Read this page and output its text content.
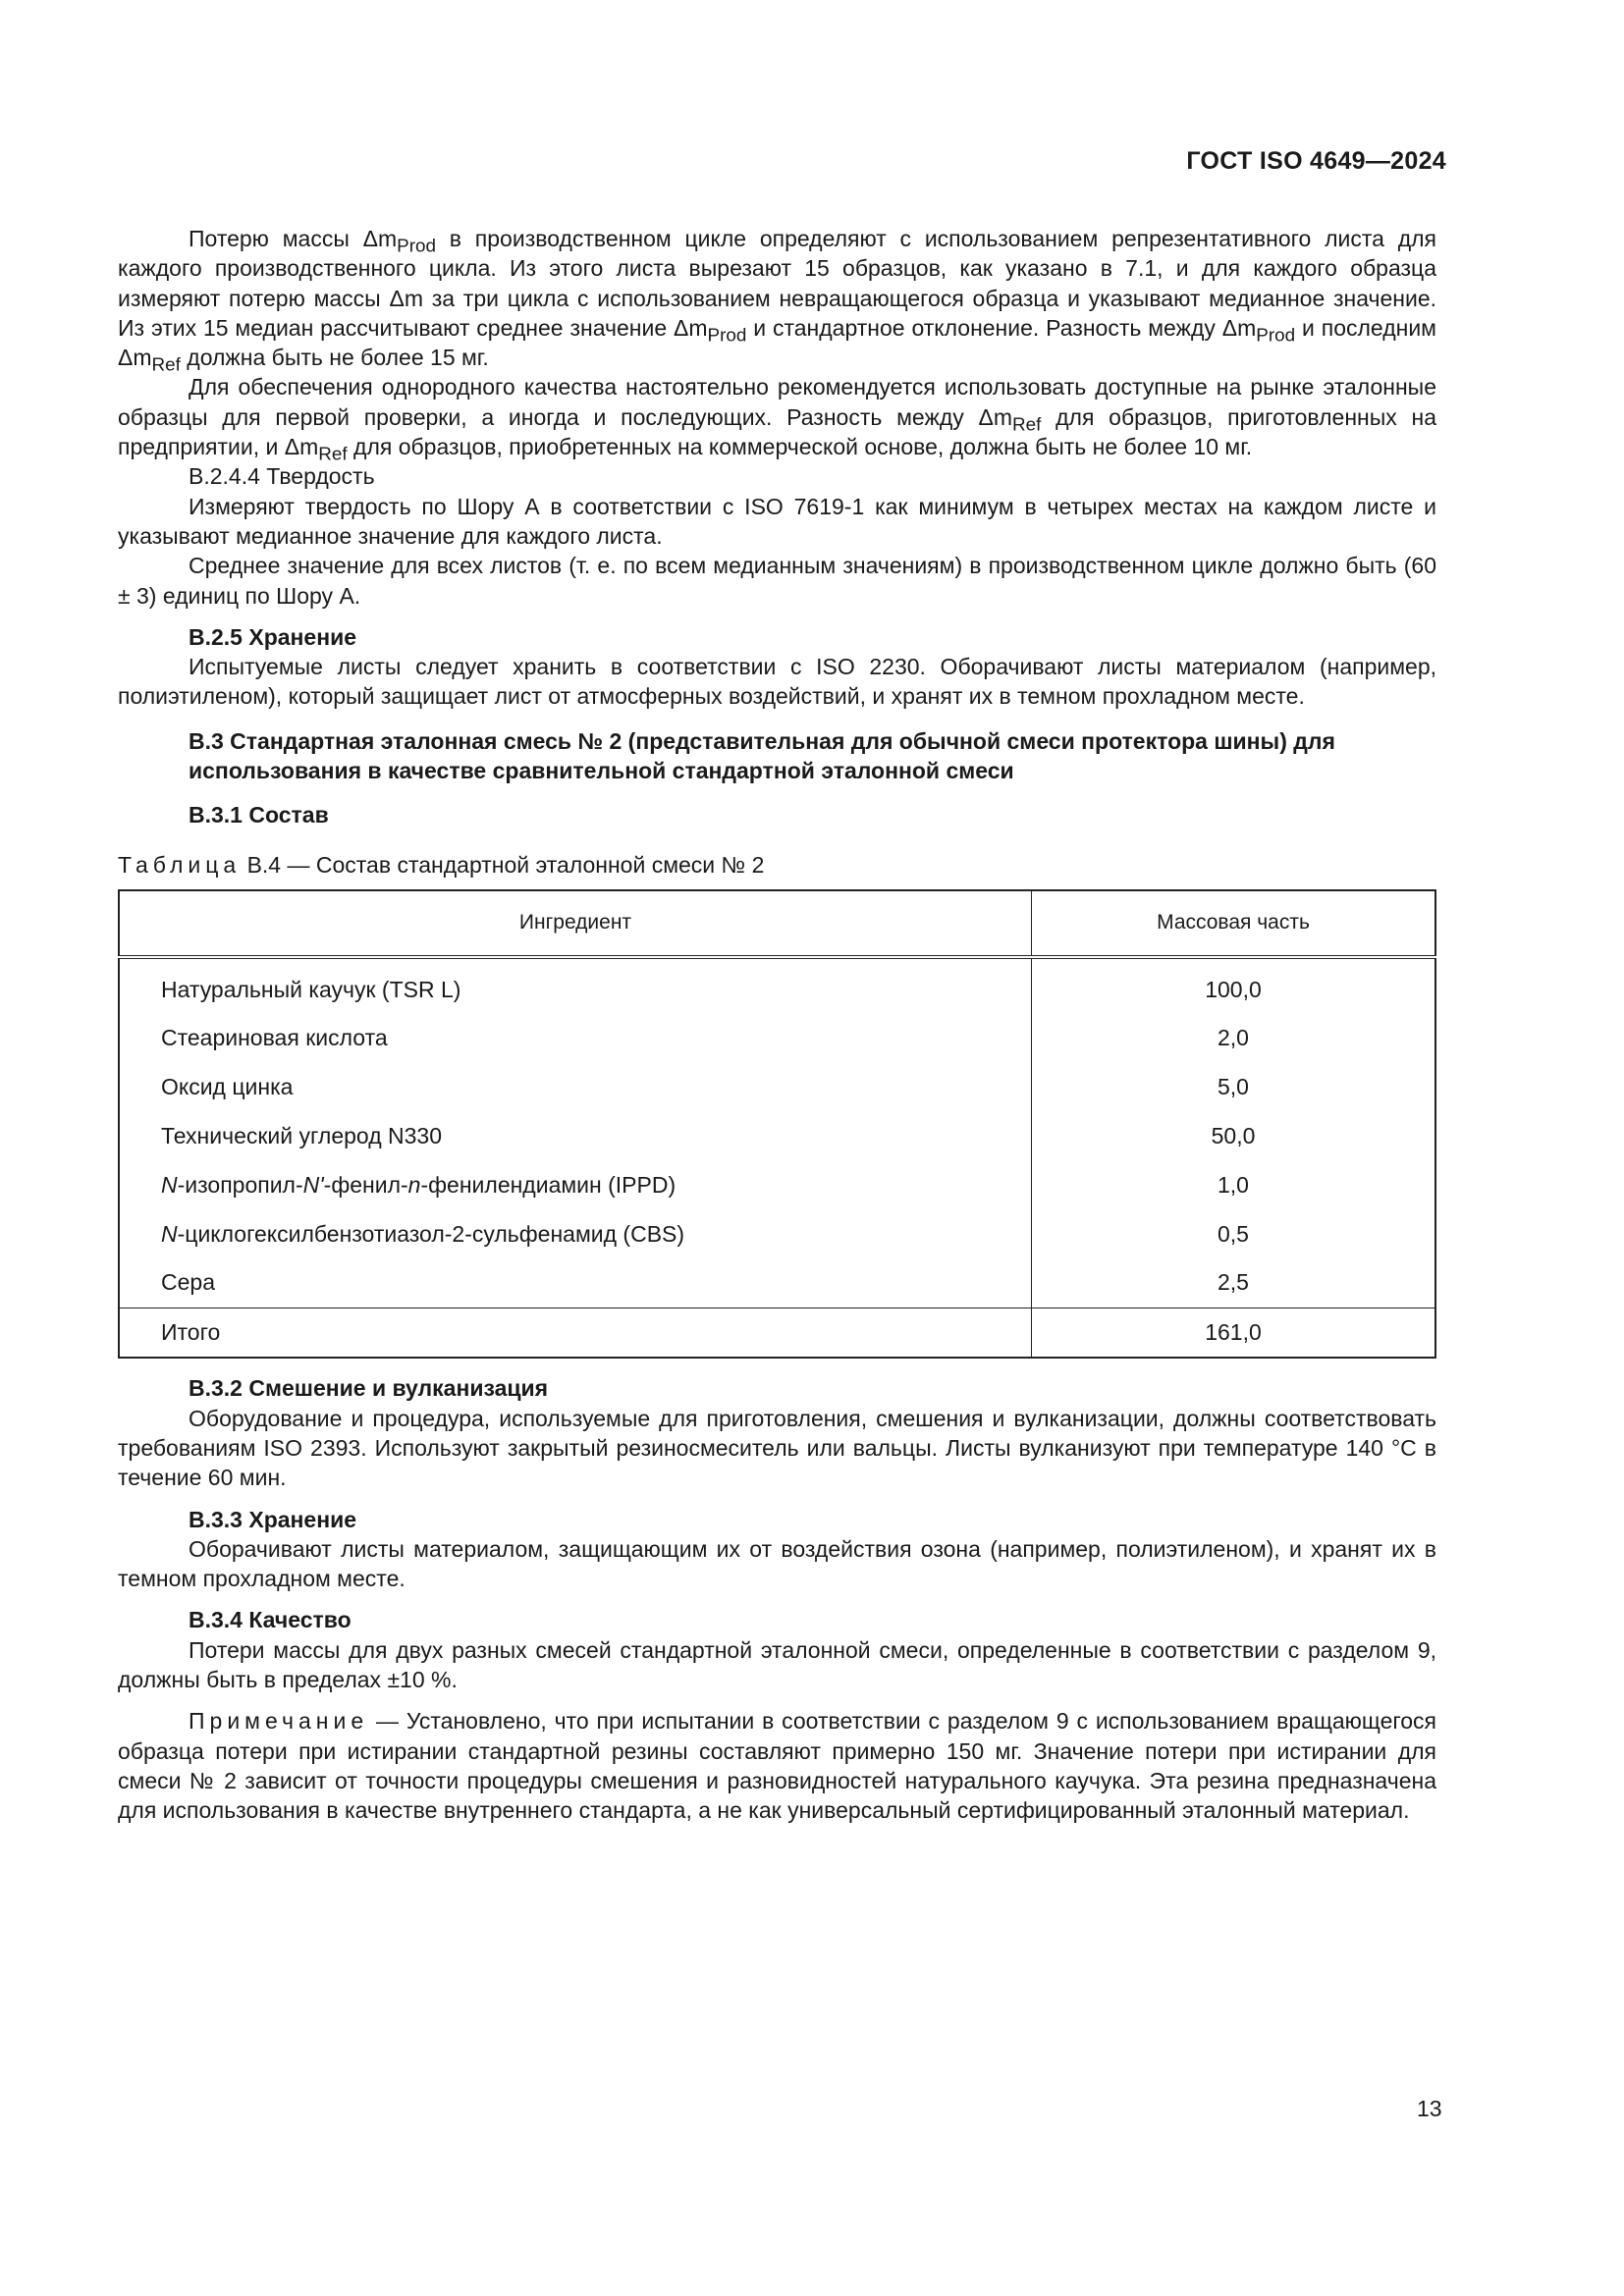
ГОСТ ISO 4649—2024

Потерю массы $\Delta m_{Prod}$ в производственном цикле определяют с использованием репрезентативного листа для каждого производственного цикла. Из этого листа вырезают 15 образцов, как указано в 7.1, и для каждого образца измеряют потерю массы Δm за три цикла с использованием невращающегося образца и указывают медианное значение. Из этих 15 медиан рассчитывают среднее значение $\Delta m_{Prod}$ и стандартное отклонение. Разность между $\Delta m_{Prod}$ и последним $\Delta m_{Ref}$ должна быть не более 15 мг.

Для обеспечения однородного качества настоятельно рекомендуется использовать доступные на рынке эталонные образцы для первой проверки, а иногда и последующих. Разность между $\Delta m_{Ref}$ для образцов, приготовленных на предприятии, и $\Delta m_{Ref}$ для образцов, приобретенных на коммерческой основе, должна быть не более 10 мг.

В.2.4.4 Твердость

Измеряют твердость по Шору А в соответствии с ISO 7619-1 как минимум в четырех местах на каждом листе и указывают медианное значение для каждого листа.

Среднее значение для всех листов (т. е. по всем медианным значениям) в производственном цикле должно быть (60 ± 3) единиц по Шору А.

В.2.5 Хранение

Испытуемые листы следует хранить в соответствии с ISO 2230. Оборачивают листы материалом (например, полиэтиленом), который защищает лист от атмосферных воздействий, и хранят их в темном прохладном месте.

В.3 Стандартная эталонная смесь № 2 (представительная для обычной смеси протектора шины) для использования в качестве сравнительной стандартной эталонной смеси

В.3.1 Состав

Таблица В.4 — Состав стандартной эталонной смеси № 2

Ингредиент	Массовая часть
Натуральный каучук (TSR L)	100,0
Стеариновая кислота	2,0
Оксид цинка	5,0
Технический углерод N330	50,0
N-изопропил-N'-фенил-n-фенилендиамин (IPPD)	1,0
N-циклогексилбензотиазол-2-сульфенамид (CBS)	0,5
Сера	2,5
Итого	161,0

В.3.2 Смешение и вулканизация

Оборудование и процедура, используемые для приготовления, смешения и вулканизации, должны соответствовать требованиям ISO 2393. Используют закрытый резиносмеситель или вальцы. Листы вулканизуют при температуре 140 °С в течение 60 мин.

В.3.3 Хранение

Оборачивают листы материалом, защищающим их от воздействия озона (например, полиэтиленом), и хранят их в темном прохладном месте.

В.3.4 Качество

Потери массы для двух разных смесей стандартной эталонной смеси, определенные в соответствии с разделом 9, должны быть в пределах ±10 %.

Примечание — Установлено, что при испытании в соответствии с разделом 9 с использованием вращающегося образца потери при истирании стандартной резины составляют примерно 150 мг. Значение потери при истирании для смеси № 2 зависит от точности процедуры смешения и разновидностей натурального каучука. Эта резина предназначена для использования в качестве внутреннего стандарта, а не как универсальный сертифицированный эталонный материал.

13
